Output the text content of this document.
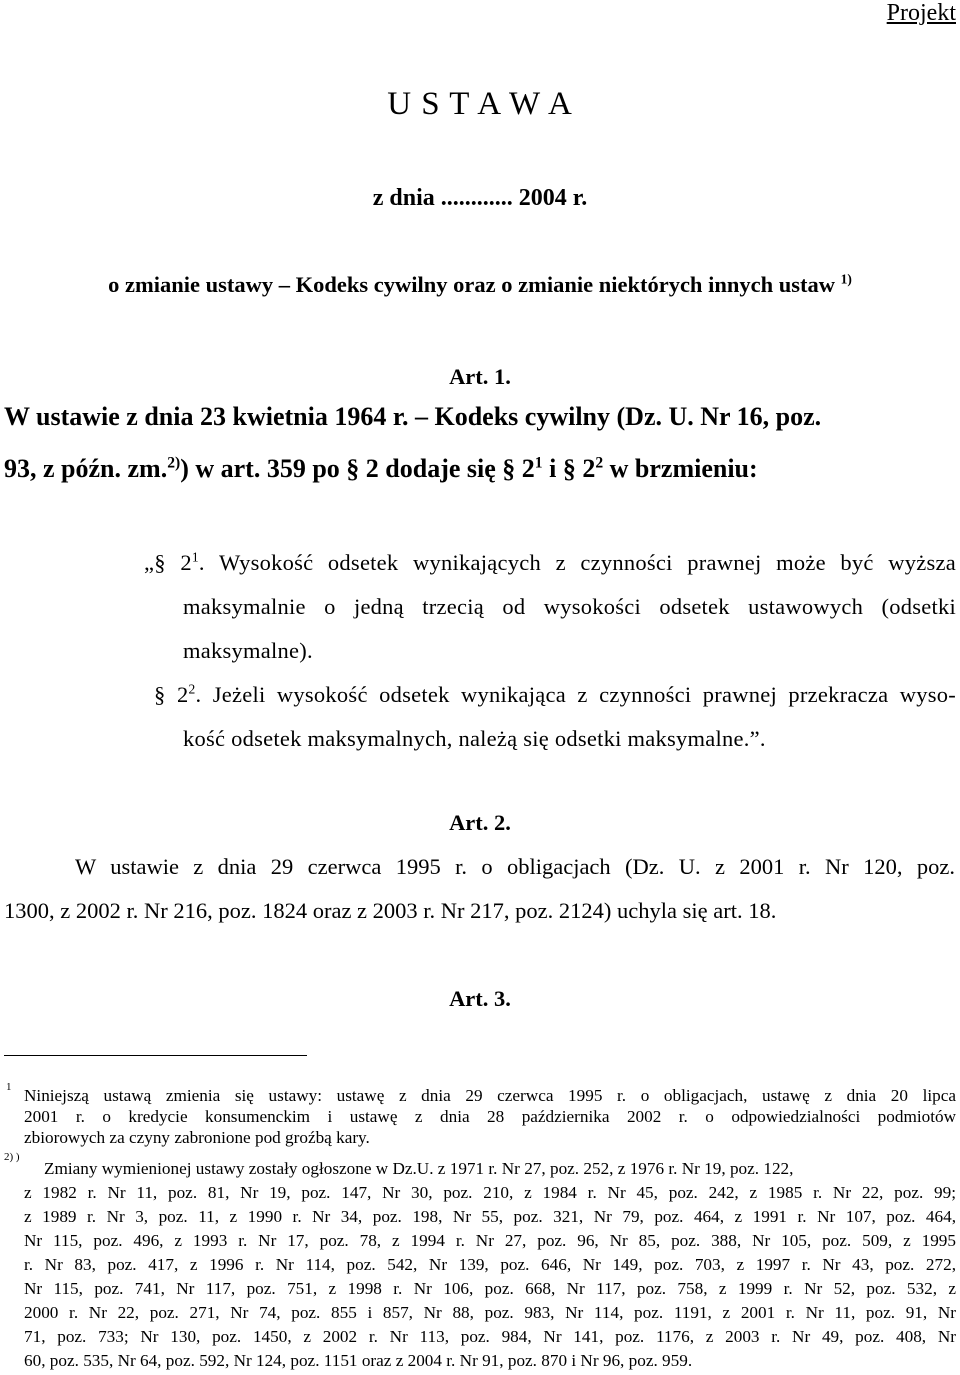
Projekt
U S T A W A
z dnia ............ 2004 r.
o zmianie ustawy – Kodeks cywilny oraz o zmianie niektórych innych ustaw $^{1)}$
Art. 1.
W ustawie z dnia 23 kwietnia 1964 r. – Kodeks cywilny (Dz. U. Nr 16, poz.
93, z późn. zm.$^{2)}$) w art. 359 po § 2 dodaje się § $2^1$ i § $2^2$ w brzmieniu:
„§ $2^1$. Wysokość odsetek wynikających z czynności prawnej może być wyższa
maksymalnie o jedną trzecią od wysokości odsetek ustawowych (odsetki
maksymalne).
§ $2^2$. Jeżeli wysokość odsetek wynikająca z czynności prawnej przekracza wyso-
kość odsetek maksymalnych, należą się odsetki maksymalne.”.
Art. 2.
W ustawie z dnia 29 czerwca 1995 r. o obligacjach (Dz. U. z 2001 r. Nr 120, poz.
1300, z 2002 r. Nr 216, poz. 1824 oraz z 2003 r. Nr 217, poz. 2124) uchyla się art. 18.
Art. 3.
1 Niniejszą ustawą zmienia się ustawy: ustawę z dnia 29 czerwca 1995 r. o obligacjach, ustawę z dnia 20 lipca
2001 r. o kredycie konsumenckim i ustawę z dnia 28 października 2002 r. o odpowiedzialności podmiotów
zbiorowych za czyny zabronione pod groźbą kary.
2) )
Zmiany wymienionej ustawy zostały ogłoszone w Dz.U. z 1971 r. Nr 27, poz. 252, z 1976 r. Nr 19, poz. 122,
z 1982 r. Nr 11, poz. 81, Nr 19, poz. 147, Nr 30, poz. 210, z 1984 r. Nr 45, poz. 242, z 1985 r. Nr 22, poz. 99;
z 1989 r. Nr 3, poz. 11, z 1990 r. Nr 34, poz. 198, Nr 55, poz. 321, Nr 79, poz. 464, z 1991 r. Nr 107, poz. 464,
Nr 115, poz. 496, z 1993 r. Nr 17, poz. 78, z 1994 r. Nr 27, poz. 96, Nr 85, poz. 388, Nr 105, poz. 509, z 1995
r. Nr 83, poz. 417, z 1996 r. Nr 114, poz. 542, Nr 139, poz. 646, Nr 149, poz. 703, z 1997 r. Nr 43, poz. 272,
Nr 115, poz. 741, Nr 117, poz. 751, z 1998 r. Nr 106, poz. 668, Nr 117, poz. 758, z 1999 r. Nr 52, poz. 532, z
2000 r. Nr 22, poz. 271, Nr 74, poz. 855 i 857, Nr 88, poz. 983, Nr 114, poz. 1191, z 2001 r. Nr 11, poz. 91, Nr
71, poz. 733; Nr 130, poz. 1450, z 2002 r. Nr 113, poz. 984, Nr 141, poz. 1176, z 2003 r. Nr 49, poz. 408, Nr
60, poz. 535, Nr 64, poz. 592, Nr 124, poz. 1151 oraz z 2004 r. Nr 91, poz. 870 i Nr 96, poz. 959.
